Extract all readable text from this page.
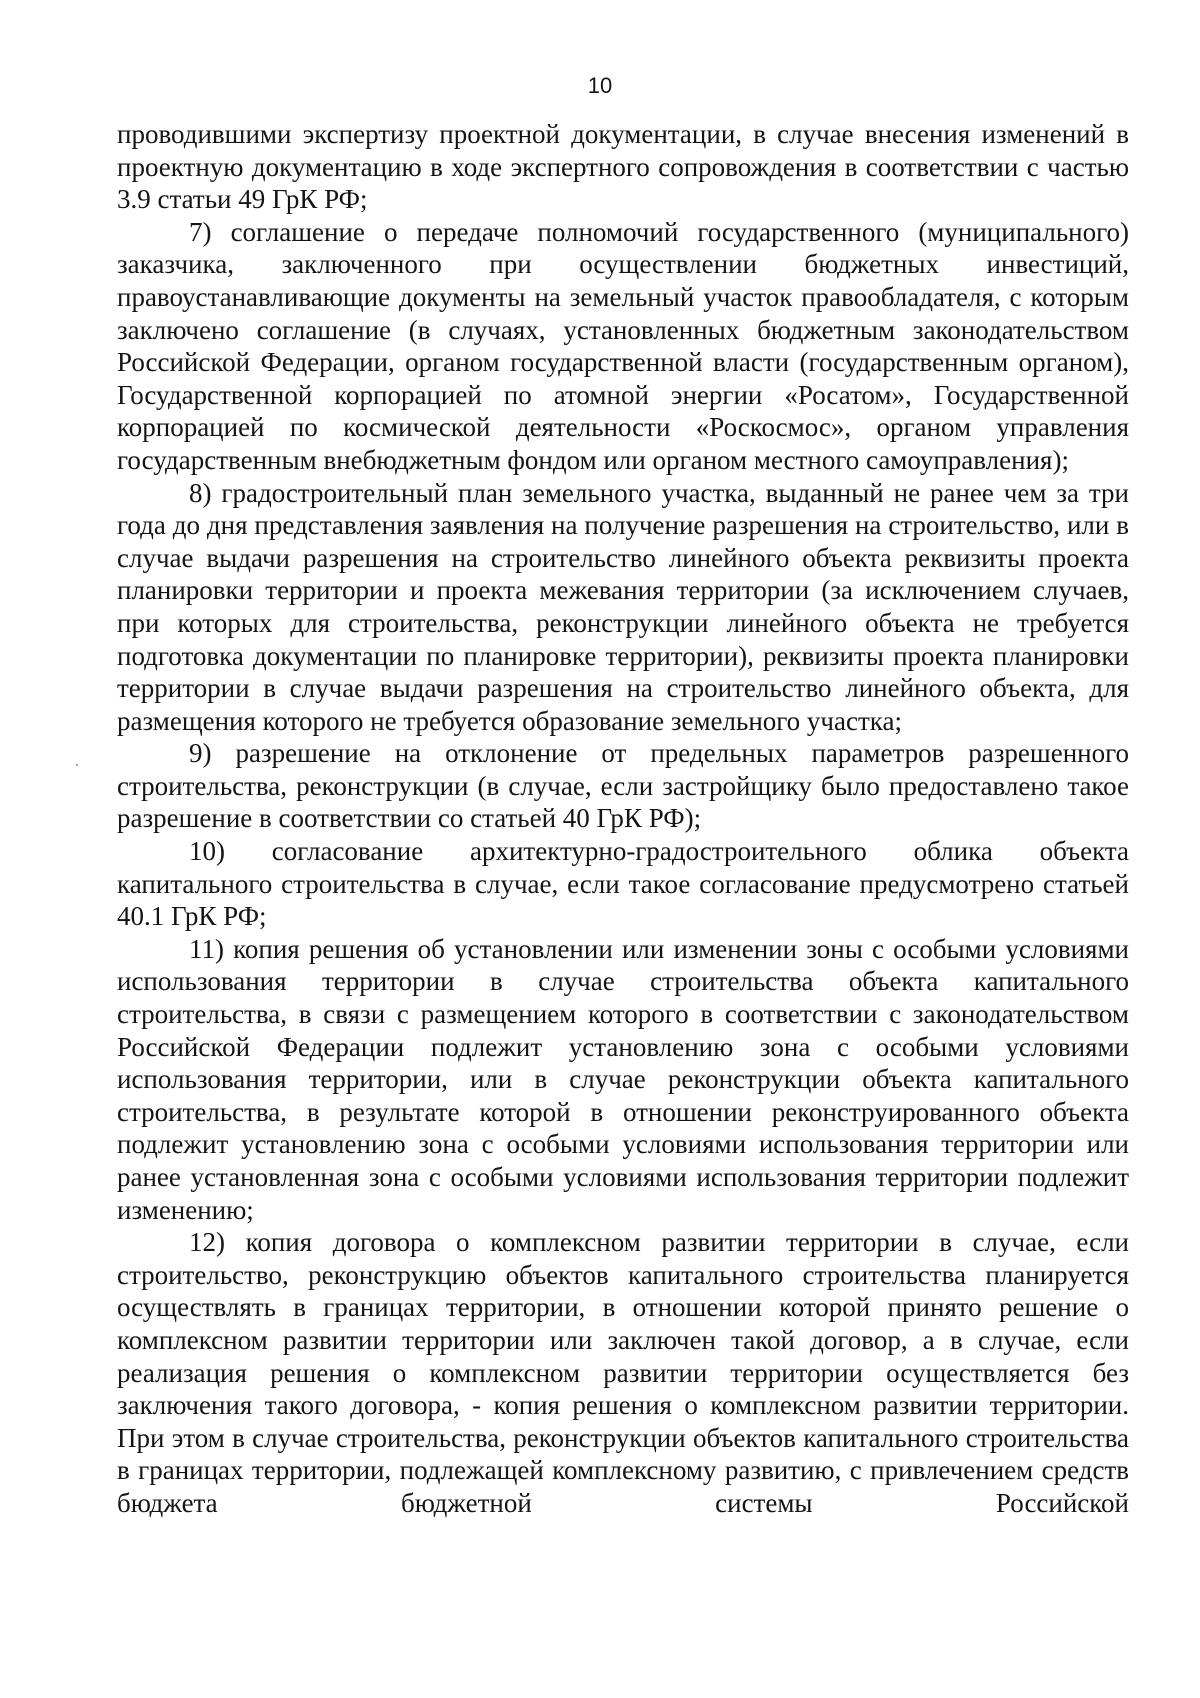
10

проводившими экспертизу проектной документации, в случае внесения изменений в проектную документацию в ходе экспертного сопровождения в соответствии с частью 3.9 статьи 49 ГрК РФ;

7) соглашение о передаче полномочий государственного (муниципального) заказчика, заключенного при осуществлении бюджетных инвестиций, правоустанавливающие документы на земельный участок правообладателя, с которым заключено соглашение (в случаях, установленных бюджетным законодательством Российской Федерации, органом государственной власти (государственным органом), Государственной корпорацией по атомной энергии «Росатом», Государственной корпорацией по космической деятельности «Роскосмос», органом управления государственным внебюджетным фондом или органом местного самоуправления);

8) градостроительный план земельного участка, выданный не ранее чем за три года до дня представления заявления на получение разрешения на строительство, или в случае выдачи разрешения на строительство линейного объекта реквизиты проекта планировки территории и проекта межевания территории (за исключением случаев, при которых для строительства, реконструкции линейного объекта не требуется подготовка документации по планировке территории), реквизиты проекта планировки территории в случае выдачи разрешения на строительство линейного объекта, для размещения которого не требуется образование земельного участка;

9) разрешение на отклонение от предельных параметров разрешенного строительства, реконструкции (в случае, если застройщику было предоставлено такое разрешение в соответствии со статьей 40 ГрК РФ);

10) согласование архитектурно-градостроительного облика объекта капитального строительства в случае, если такое согласование предусмотрено статьей 40.1 ГрК РФ;

11) копия решения об установлении или изменении зоны с особыми условиями использования территории в случае строительства объекта капитального строительства, в связи с размещением которого в соответствии с законодательством Российской Федерации подлежит установлению зона с особыми условиями использования территории, или в случае реконструкции объекта капитального строительства, в результате которой в отношении реконструированного объекта подлежит установлению зона с особыми условиями использования территории или ранее установленная зона с особыми условиями использования территории подлежит изменению;

12) копия договора о комплексном развитии территории в случае, если строительство, реконструкцию объектов капитального строительства планируется осуществлять в границах территории, в отношении которой принято решение о комплексном развитии территории или заключен такой договор, а в случае, если реализация решения о комплексном развитии территории осуществляется без заключения такого договора, - копия решения о комплексном развитии территории. При этом в случае строительства, реконструкции объектов капитального строительства в границах территории, подлежащей комплексному развитию, с привлечением средств бюджета бюджетной системы Российской
